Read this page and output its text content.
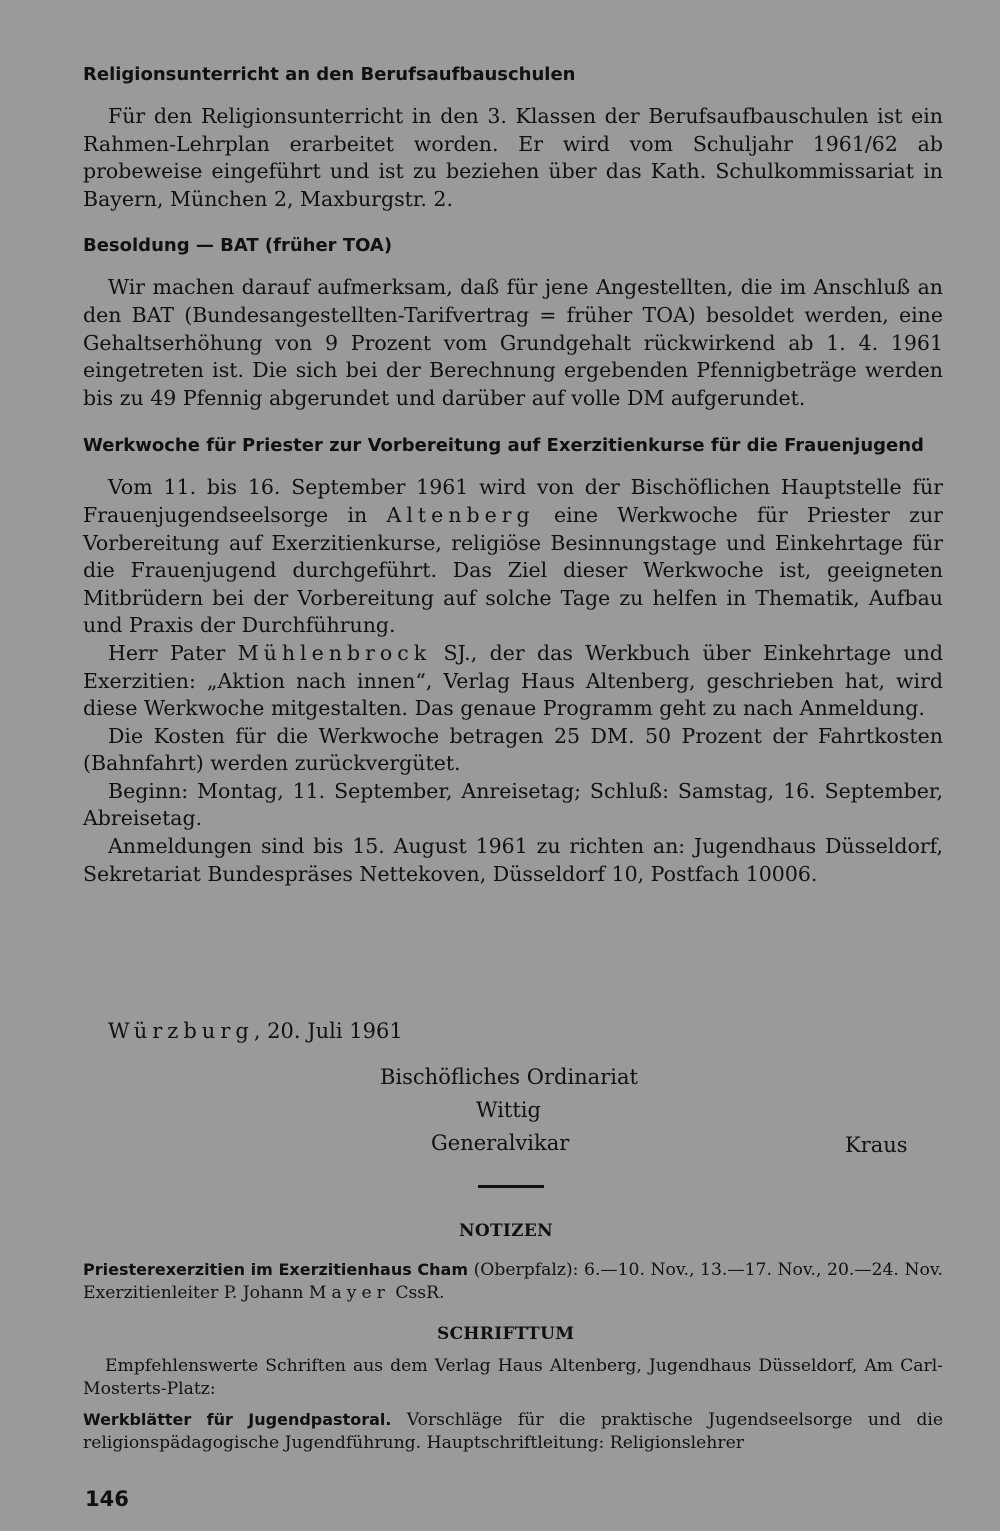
Religionsunterricht an den Berufsaufbauschulen

Für den Religionsunterricht in den 3. Klassen der Berufsaufbauschulen ist ein Rahmen-Lehrplan erarbeitet worden. Er wird vom Schuljahr 1961/62 ab probeweise eingeführt und ist zu beziehen über das Kath. Schulkommissariat in Bayern, München 2, Maxburgstr. 2.

Besoldung — BAT (früher TOA)

Wir machen darauf aufmerksam, daß für jene Angestellten, die im Anschluß an den BAT (Bundesangestellten-Tarifvertrag = früher TOA) besoldet werden, eine Gehaltserhöhung von 9 Prozent vom Grundgehalt rückwirkend ab 1. 4. 1961 eingetreten ist. Die sich bei der Berechnung ergebenden Pfennigbeträge werden bis zu 49 Pfennig abgerundet und darüber auf volle DM aufgerundet.

Werkwoche für Priester zur Vorbereitung auf Exerzitienkurse für die Frauenjugend

Vom 11. bis 16. September 1961 wird von der Bischöflichen Hauptstelle für Frauenjugendseelsorge in Altenberg eine Werkwoche für Priester zur Vorbereitung auf Exerzitienkurse, religiöse Besinnungstage und Einkehrtage für die Frauenjugend durchgeführt. Das Ziel dieser Werkwoche ist, geeigneten Mitbrüdern bei der Vorbereitung auf solche Tage zu helfen in Thematik, Aufbau und Praxis der Durchführung.

Herr Pater Mühlenbrock SJ., der das Werkbuch über Einkehrtage und Exerzitien: „Aktion nach innen“, Verlag Haus Altenberg, geschrieben hat, wird diese Werkwoche mitgestalten. Das genaue Programm geht zu nach Anmeldung.

Die Kosten für die Werkwoche betragen 25 DM. 50 Prozent der Fahrtkosten (Bahnfahrt) werden zurückvergütet.

Beginn: Montag, 11. September, Anreisetag; Schluß: Samstag, 16. September, Abreisetag.

Anmeldungen sind bis 15. August 1961 zu richten an: Jugendhaus Düsseldorf, Sekretariat Bundespräses Nettekoven, Düsseldorf 10, Postfach 10006.

Würzburg, 20. Juli 1961
Bischöfliches Ordinariat
Wittig
Generalvikar	Kraus
NOTIZEN

Priesterexerzitien im Exerzitienhaus Cham (Oberpfalz): 6.—10. Nov., 13.—17. Nov., 20.—24. Nov. Exerzitienleiter P. Johann Mayer CssR.

SCHRIFTTUM

Empfehlenswerte Schriften aus dem Verlag Haus Altenberg, Jugendhaus Düsseldorf, Am Carl-Mosterts-Platz:

Werkblätter für Jugendpastoral. Vorschläge für die praktische Jugendseelsorge und die religionspädagogische Jugendführung. Hauptschriftleitung: Religionslehrer

146
